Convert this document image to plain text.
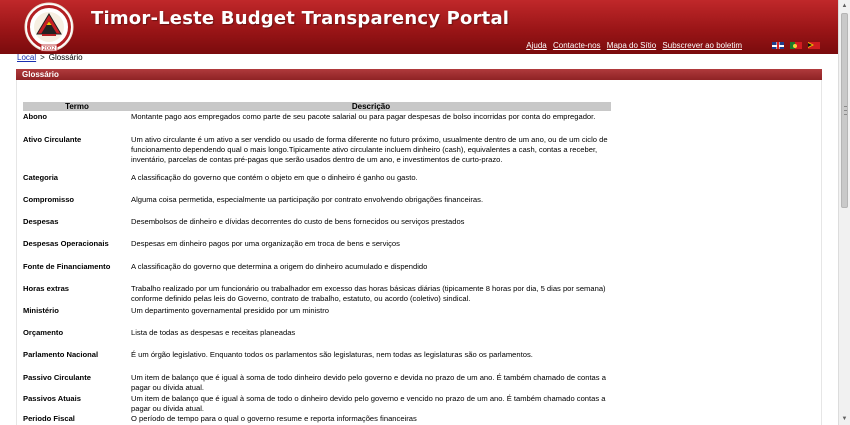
2002
Timor-Leste Budget Transparency Portal
Ajuda Contacte-nos Mapa do Sítio Subscrever ao boletim
Local > Glossário
Glossário
Termo	Descrição
Abono	Montante pago aos empregados como parte de seu pacote salarial ou para pagar despesas de bolso incorridas por conta do empregador.
Ativo Circulante	Um ativo circulante é um ativo a ser vendido ou usado de forma diferente no futuro próximo, usualmente dentro de um ano, ou de um ciclo de funcionamento dependendo qual o mais longo.Tipicamente ativo circulante incluem dinheiro (cash), equivalentes a cash, contas a receber, inventário, parcelas de contas pré-pagas que serão usados dentro de um ano, e investimentos de curto-prazo.
Categoria	A classificação do governo que contém o objeto em que o dinheiro é ganho ou gasto.
Compromisso	Alguma coisa permetida, especialmente ua participação por contrato envolvendo obrigações financeiras.
Despesas	Desembolsos de dinheiro e dívidas decorrentes do custo de bens fornecidos ou serviços prestados
Despesas Operacionais	Despesas em dinheiro pagos por uma organização em troca de bens e serviços
Fonte de Financiamento	A classificação do governo que determina a origem do dinheiro acumulado e dispendido
Horas extras	Trabalho realizado por um funcionário ou trabalhador em excesso das horas básicas diárias (tipicamente 8 horas por dia, 5 dias por semana) conforme definido pelas leis do Governo, contrato de trabalho, estatuto, ou acordo (coletivo) sindical.
Ministério	Um departimento governamental presidido por um ministro
Orçamento	Lista de todas as despesas e receitas planeadas
Parlamento Nacional	É um órgão legislativo. Enquanto todos os parlamentos são legislaturas, nem todas as legislaturas são os parlamentos.
Passivo Circulante	Um item de balanço que é igual à soma de todo dinheiro devido pelo governo e devida no prazo de um ano. É também chamado de contas a pagar ou dívida atual.
Passivos Atuais	Um item de balanço que é igual à soma de todo o dinheiro devido pelo governo e vencido no prazo de um ano. É também chamado contas a pagar ou dívida atual.
Periodo Fiscal	O período de tempo para o qual o governo resume e reporta informações financeiras
▲
▼
